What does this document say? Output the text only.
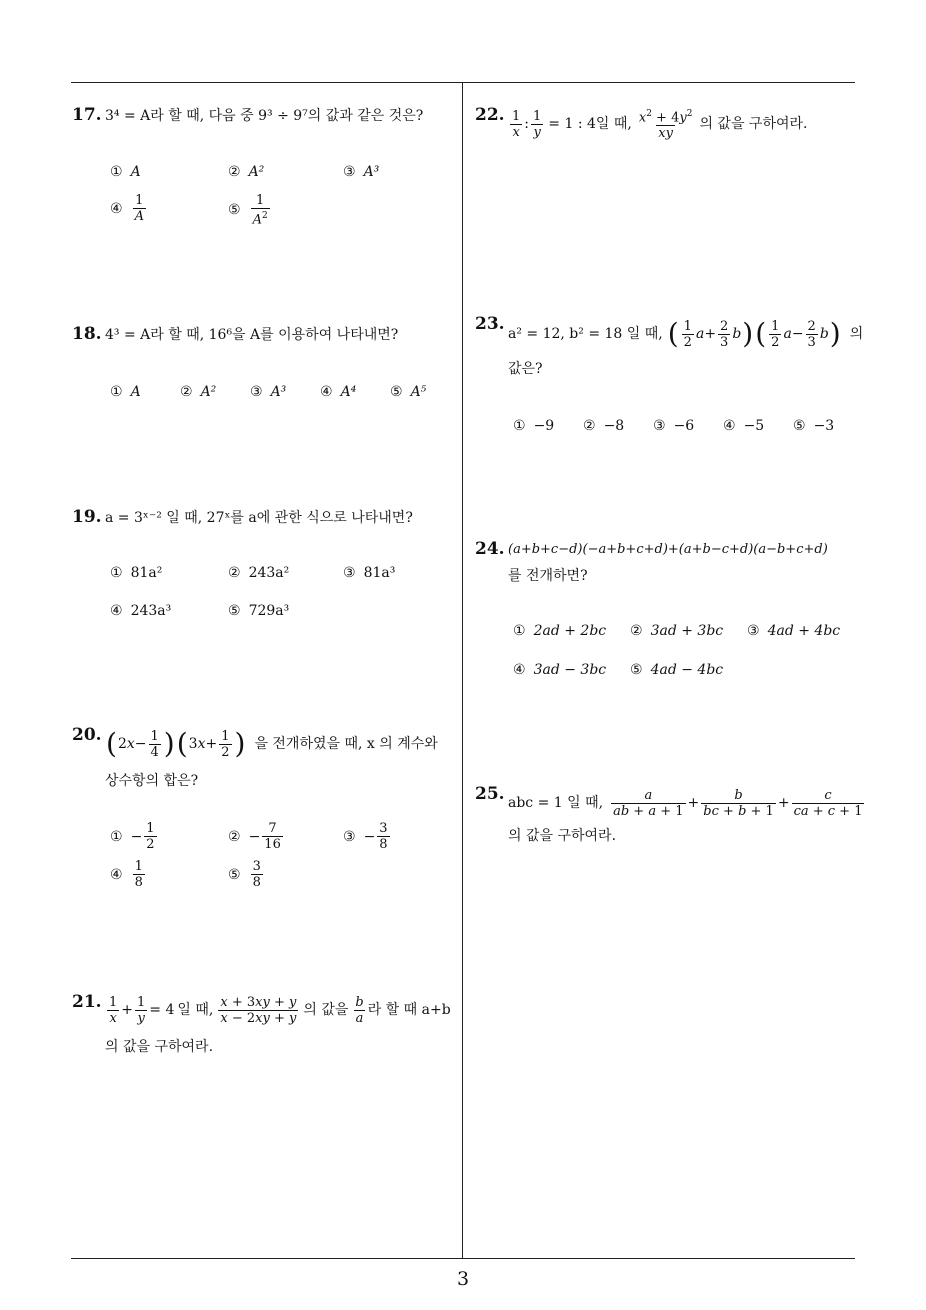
3
17. 3⁴ = A라 할 때, 다음 중 9³ ÷ 9⁷의 값과 같은 것은?
① A	② A²	③ A³
④ $\frac{1}{A}$	⑤ $\frac{1}{A^2}$
18. 4³ = A라 할 때, 16⁶을 A를 이용하여 나타내면?
① A	② A² ③ A³ ④ A⁴ ⑤ A⁵
19. a = 3ˣ⁻² 일 때, 27ˣ를 a에 관한 식으로 나타내면?
① 81a²	② 243a²	③ 81a³
④ 243a³	⑤ 729a³
20. ( 2 $x - \frac{1}{4}$ ) ( 3 $x + \frac{1}{2}$ ) 을 전개하였을 때, x 의 계수와
상수항의 합은?
① − $\frac{1}{2}$	② − $\frac{7}{16}$	③ − $\frac{3}{8}$
④ $\frac{1}{8}$	⑤ $\frac{3}{8}$
21. $\frac{1}{x} + \frac{1}{y} = 4$ 일 때, $\frac{x + 3xy + y}{x - 2xy + y}$ 의 값을 $\frac{b}{a}$ 라 할 때 a+b
의 값을 구하여라.
22. $\frac{1}{x}$ : $\frac{1}{y} = 1$ : 4일 때, $\frac{x^2 + 4y^2}{xy}$ 의 값을 구하여라.
23. a² = 12, b² = 18 일 때, ( $\frac{1}{2}$ $a + \frac{2}{3}$ b ) ( $\frac{1}{2}$ $a - \frac{2}{3}$ b ) 의
값은?
① −9 ② −8 ③ −6 ④ −5 ⑤ −3
24. (a+b+c−d)(−a+b+c+d)+(a+b−c+d)(a−b+c+d)
를 전개하면?
① 2ad + 2bc ② 3ad + 3bc ③ 4ad + 4bc
④ 3ad − 3bc ⑤ 4ad − 4bc
25. abc = 1 일 때, $\frac{a}{ab + a + 1} + \frac{b}{bc + b + 1} + \frac{c}{ca + c + 1}$
의 값을 구하여라.
